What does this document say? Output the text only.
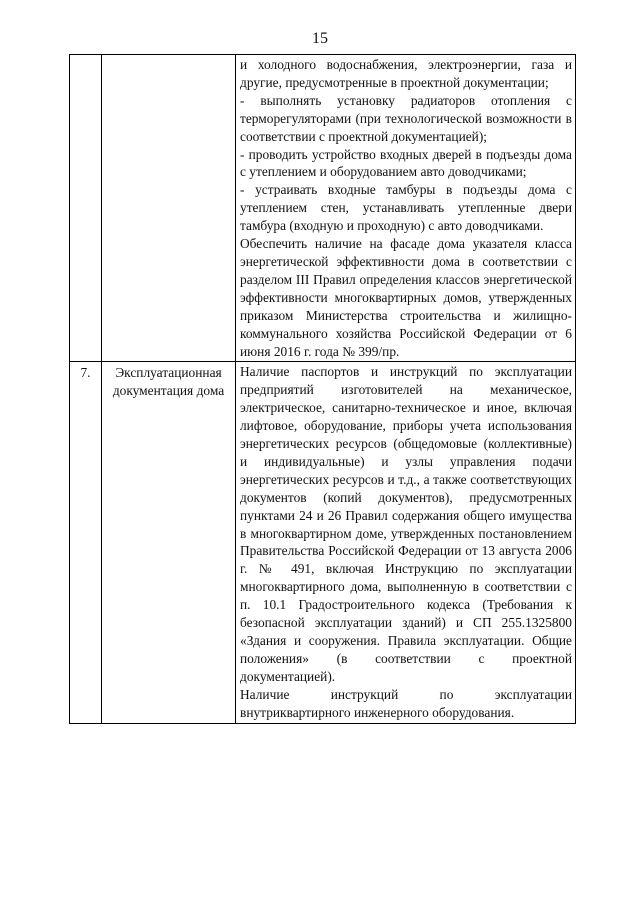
15

		и холодного водоснабжения, электроэнергии, газа и другие, предусмотренные в проектной документации;
- выполнять установку радиаторов отопления с терморегуляторами (при технологической возможности в соответствии с проектной документацией);
- проводить устройство входных дверей в подъезды дома с утеплением и оборудованием авто доводчиками;
- устраивать входные тамбуры в подъезды дома с утеплением стен, устанавливать утепленные двери тамбура (входную и проходную) с авто доводчиками.
Обеспечить наличие на фасаде дома указателя класса энергетической эффективности дома в соответствии с разделом III Правил определения классов энергетической эффективности многоквартирных домов, утвержденных приказом Министерства строительства и жилищно-коммунального хозяйства Российской Федерации от 6 июня 2016 г. года № 399/пр.

7.	Эксплуатационная документация дома	Наличие паспортов и инструкций по эксплуатации предприятий изготовителей на механическое, электрическое, санитарно-техническое и иное, включая лифтовое, оборудование, приборы учета использования энергетических ресурсов (общедомовые (коллективные) и индивидуальные) и узлы управления подачи энергетических ресурсов и т.д., а также соответствующих документов (копий документов), предусмотренных пунктами 24 и 26 Правил содержания общего имущества в многоквартирном доме, утвержденных постановлением Правительства Российской Федерации от 13 августа 2006 г. № 491, включая Инструкцию по эксплуатации многоквартирного дома, выполненную в соответствии с п. 10.1 Градостроительного кодекса (Требования к безопасной эксплуатации зданий) и СП 255.1325800 «Здания и сооружения. Правила эксплуатации. Общие положения» (в соответствии с проектной документацией).
Наличие инструкций по эксплуатации внутриквартирного инженерного оборудования.
